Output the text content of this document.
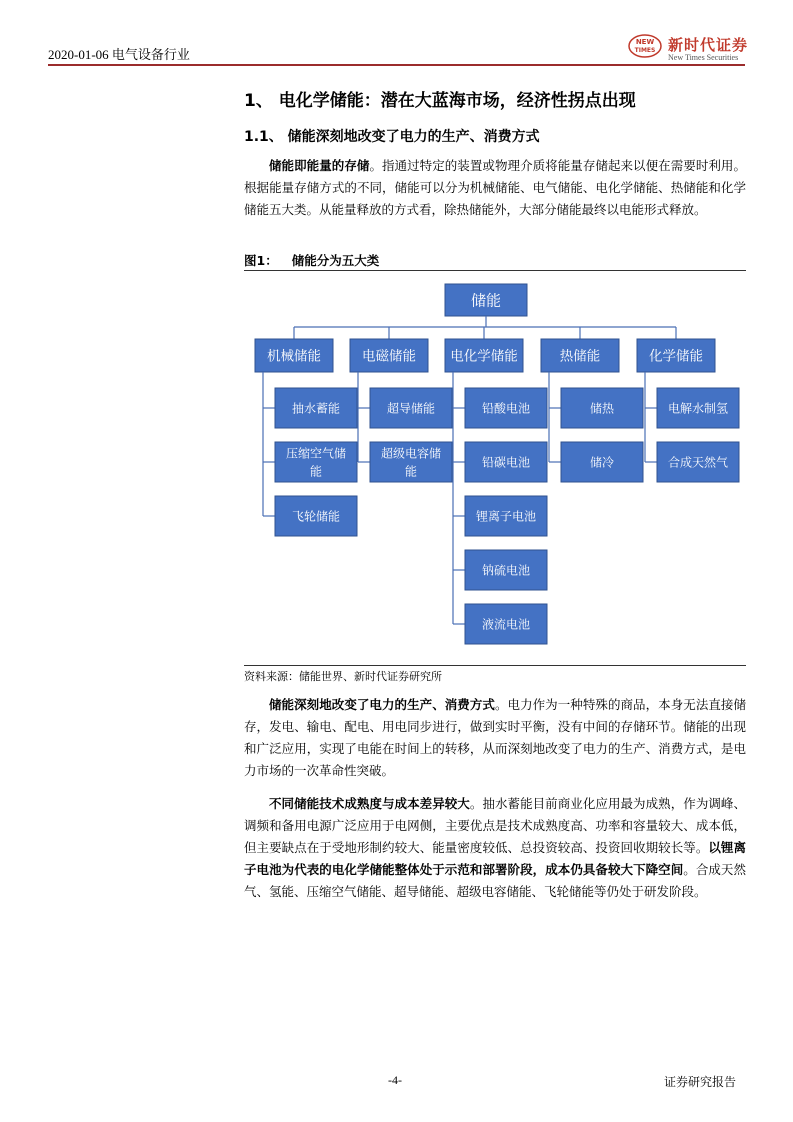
2020-01-06 电气设备行业
NEW
TIMES 新时代证券
New Times Securities
1、 电化学储能：潜在大蓝海市场，经济性拐点出现
1.1、 储能深刻地改变了电力的生产、消费方式

储能即能量的存储。指通过特定的装置或物理介质将能量存储起来以便在需要时利用。根据能量存储方式的不同，储能可以分为机械储能、电气储能、电化学储能、热储能和化学储能五大类。从能量释放的方式看，除热储能外，大部分储能最终以电能形式释放。

图1： 储能分为五大类
储能
机械储能
抽水蓄能
压缩空气储
能
飞轮储能
电磁储能
超导储能
超级电容储
能
电化学储能
铅酸电池
铅碳电池
锂离子电池
钠硫电池
液流电池
热储能
储热
储冷
化学储能
电解水制氢
合成天然气
资料来源：储能世界、新时代证券研究所

储能深刻地改变了电力的生产、消费方式。电力作为一种特殊的商品，本身无法直接储存，发电、输电、配电、用电同步进行，做到实时平衡，没有中间的存储环节。储能的出现和广泛应用，实现了电能在时间上的转移，从而深刻地改变了电力的生产、消费方式，是电力市场的一次革命性突破。

不同储能技术成熟度与成本差异较大。抽水蓄能目前商业化应用最为成熟，作为调峰、调频和备用电源广泛应用于电网侧，主要优点是技术成熟度高、功率和容量较大、成本低，但主要缺点在于受地形制约较大、能量密度较低、总投资较高、投资回收期较长等。以锂离子电池为代表的电化学储能整体处于示范和部署阶段，成本仍具备较大下降空间。合成天然气、氢能、压缩空气储能、超导储能、超级电容储能、飞轮储能等仍处于研发阶段。

-4-	证券研究报告
